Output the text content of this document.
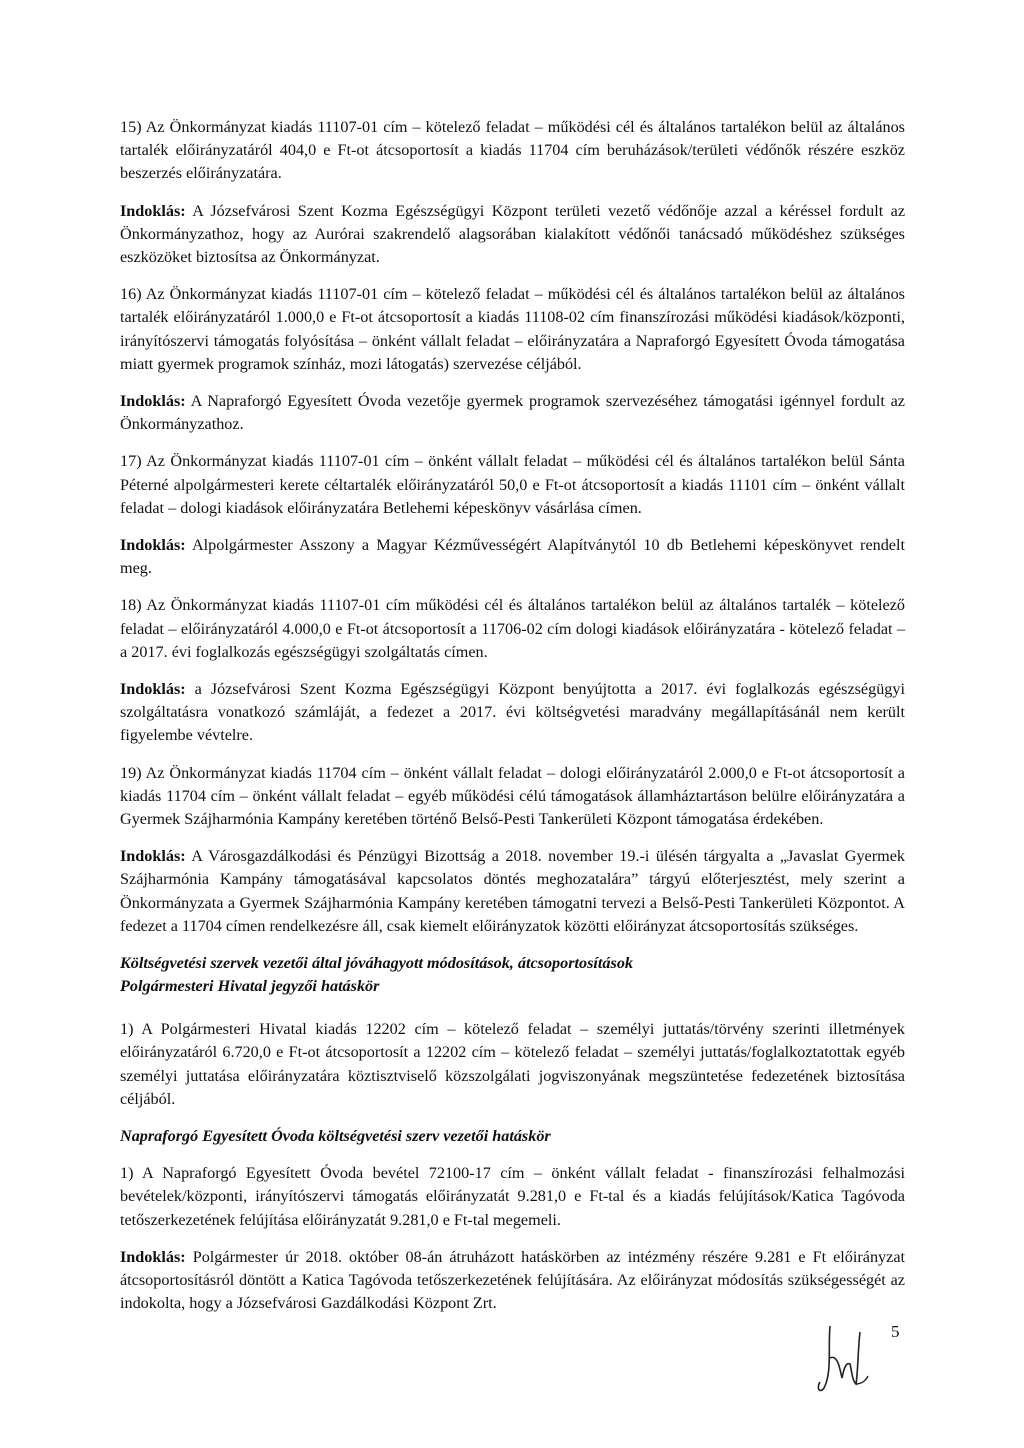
15) Az Önkormányzat kiadás 11107-01 cím – kötelező feladat – működési cél és általános tartalékon belül az általános tartalék előirányzatáról 404,0 e Ft-ot átcsoportosít a kiadás 11704 cím beruházások/területi védőnők részére eszköz beszerzés előirányzatára.

Indoklás: A Józsefvárosi Szent Kozma Egészségügyi Központ területi vezető védőnője azzal a kéréssel fordult az Önkormányzathoz, hogy az Aurórai szakrendelő alagsorában kialakított védőnői tanácsadó működéshez szükséges eszközöket biztosítsa az Önkormányzat.

16) Az Önkormányzat kiadás 11107-01 cím – kötelező feladat – működési cél és általános tartalékon belül az általános tartalék előirányzatáról 1.000,0 e Ft-ot átcsoportosít a kiadás 11108-02 cím finanszírozási működési kiadások/központi, irányítószervi támogatás folyósítása – önként vállalt feladat – előirányzatára a Napraforgó Egyesített Óvoda támogatása miatt gyermek programok színház, mozi látogatás) szervezése céljából.

Indoklás: A Napraforgó Egyesített Óvoda vezetője gyermek programok szervezéséhez támogatási igénnyel fordult az Önkormányzathoz.

17) Az Önkormányzat kiadás 11107-01 cím – önként vállalt feladat – működési cél és általános tartalékon belül Sánta Péterné alpolgármesteri kerete céltartalék előirányzatáról 50,0 e Ft-ot átcsoportosít a kiadás 11101 cím – önként vállalt feladat – dologi kiadások előirányzatára Betlehemi képeskönyv vásárlása címen.

Indoklás: Alpolgármester Asszony a Magyar Kézművességért Alapítványtól 10 db Betlehemi képeskönyvet rendelt meg.

18) Az Önkormányzat kiadás 11107-01 cím működési cél és általános tartalékon belül az általános tartalék – kötelező feladat – előirányzatáról 4.000,0 e Ft-ot átcsoportosít a 11706-02 cím dologi kiadások előirányzatára - kötelező feladat – a 2017. évi foglalkozás egészségügyi szolgáltatás címen.

Indoklás: a Józsefvárosi Szent Kozma Egészségügyi Központ benyújtotta a 2017. évi foglalkozás egészségügyi szolgáltatásra vonatkozó számláját, a fedezet a 2017. évi költségvetési maradvány megállapításánál nem került figyelembe vévtelre.

19) Az Önkormányzat kiadás 11704 cím – önként vállalt feladat – dologi előirányzatáról 2.000,0 e Ft-ot átcsoportosít a kiadás 11704 cím – önként vállalt feladat – egyéb működési célú támogatások államháztartáson belülre előirányzatára a Gyermek Szájharmónia Kampány keretében történő Belső-Pesti Tankerületi Központ támogatása érdekében.

Indoklás: A Városgazdálkodási és Pénzügyi Bizottság a 2018. november 19.-i ülésén tárgyalta a „Javaslat Gyermek Szájharmónia Kampány támogatásával kapcsolatos döntés meghozatalára” tárgyú előterjesztést, mely szerint a Önkormányzata a Gyermek Szájharmónia Kampány keretében támogatni tervezi a Belső-Pesti Tankerületi Központot. A fedezet a 11704 címen rendelkezésre áll, csak kiemelt előirányzatok közötti előirányzat átcsoportosítás szükséges.

Költségvetési szervek vezetői által jóváhagyott módosítások, átcsoportosítások
Polgármesteri Hivatal jegyzői hatáskör

1) A Polgármesteri Hivatal kiadás 12202 cím – kötelező feladat – személyi juttatás/törvény szerinti illetmények előirányzatáról 6.720,0 e Ft-ot átcsoportosít a 12202 cím – kötelező feladat – személyi juttatás/foglalkoztatottak egyéb személyi juttatása előirányzatára köztisztviselő közszolgálati jogviszonyának megszüntetése fedezetének biztosítása céljából.

Napraforgó Egyesített Óvoda költségvetési szerv vezetői hatáskör

1) A Napraforgó Egyesített Óvoda bevétel 72100-17 cím – önként vállalt feladat - finanszírozási felhalmozási bevételek/központi, irányítószervi támogatás előirányzatát 9.281,0 e Ft-tal és a kiadás felújítások/Katica Tagóvoda tetőszerkezetének felújítása előirányzatát 9.281,0 e Ft-tal megemeli.

Indoklás: Polgármester úr 2018. október 08-án átruházott hatáskörben az intézmény részére 9.281 e Ft előirányzat átcsoportosításról döntött a Katica Tagóvoda tetőszerkezetének felújítására. Az előirányzat módosítás szükségességét az indokolta, hogy a Józsefvárosi Gazdálkodási Központ Zrt.

5
